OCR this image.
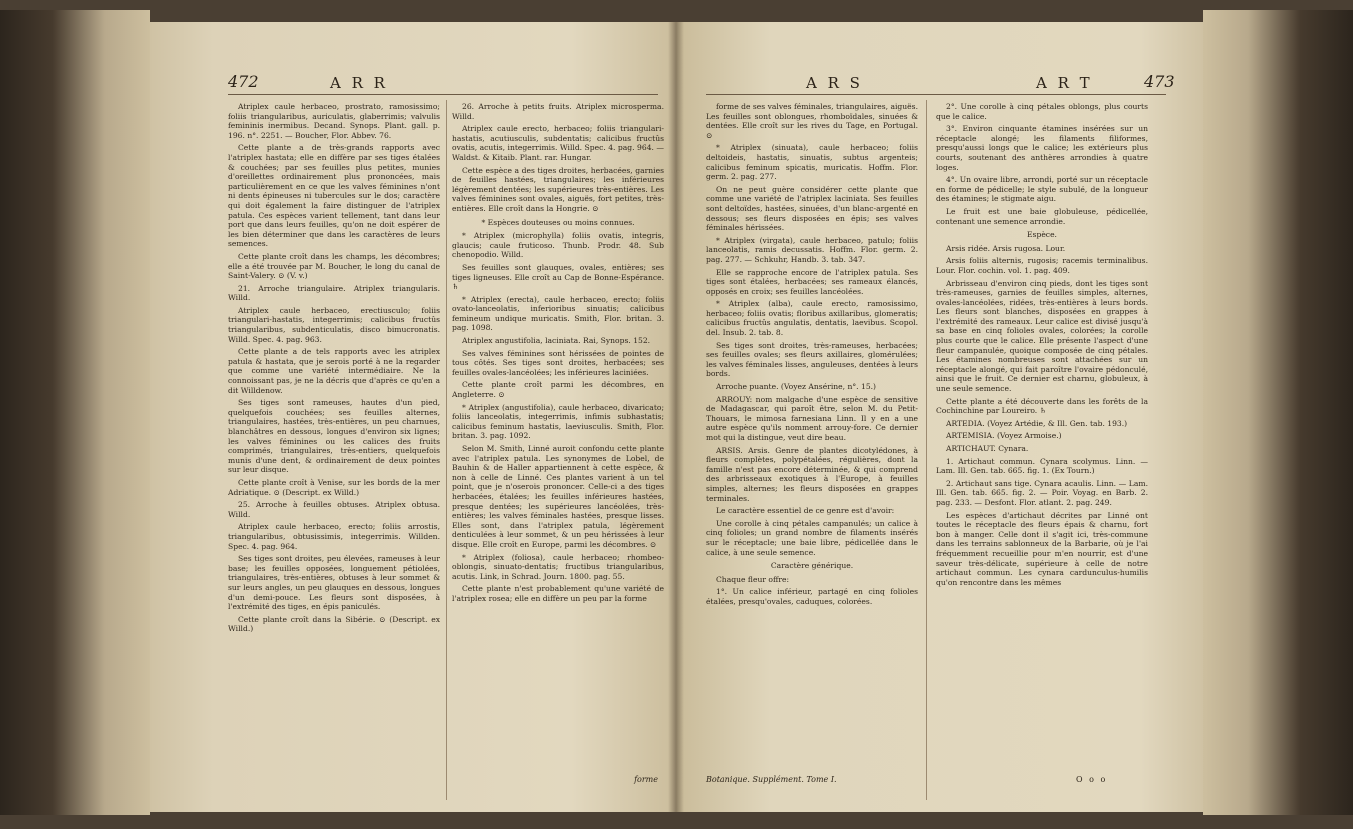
472	A R R

Atriplex caule herbaceo, prostrato, ramosissimo; foliis triangularibus, auriculatis, glaberrimis; valvulis femininis inermibus. Decand. Synops. Plant. gall. p. 196. n°. 2251. — Boucher, Flor. Abbev. 76.

Cette plante a de très-grands rapports avec l'atriplex hastata; elle en diffère par ses tiges étalées & couchées; par ses feuilles plus petites, munies d'oreillettes ordinairement plus prononcées, mais particulièrement en ce que les valves féminines n'ont ni dents épineuses ni tubercules sur le dos; caractère qui doit également la faire distinguer de l'atriplex patula. Ces espèces varient tellement, tant dans leur port que dans leurs feuilles, qu'on ne doit espérer de les bien déterminer que dans les caractères de leurs semences.

Cette plante croît dans les champs, les décombres; elle a été trouvée par M. Boucher, le long du canal de Saint-Valery. ⊙ (V. v.)

21. Arroche triangulaire. Atriplex triangularis. Willd.

Atriplex caule herbaceo, erectiusculo; foliis triangulari-hastatis, integerrimis; calicibus fructûs triangularibus, subdenticulatis, disco bimucronatis. Willd. Spec. 4. pag. 963.

Cette plante a de tels rapports avec les atriplex patula & hastata, que je serois porté à ne la regarder que comme une variété intermédiaire. Ne la connoissant pas, je ne la décris que d'après ce qu'en a dit Willdenow.

Ses tiges sont rameuses, hautes d'un pied, quelquefois couchées; ses feuilles alternes, triangulaires, hastées, très-entières, un peu charnues, blanchâtres en dessous, longues d'environ six lignes; les valves féminines ou les calices des fruits comprimés, triangulaires, très-entiers, quelquefois munis d'une dent, & ordinairement de deux pointes sur leur disque.

Cette plante croît à Venise, sur les bords de la mer Adriatique. ⊙ (Descript. ex Willd.)

25. Arroche à feuilles obtuses. Atriplex obtusa. Willd.

Atriplex caule herbaceo, erecto; foliis arrostis, triangularibus, obtusissimis, integerrimis. Willden. Spec. 4. pag. 964.

Ses tiges sont droites, peu élevées, rameuses à leur base; les feuilles opposées, longuement pétiolées, triangulaires, très-entières, obtuses à leur sommet & sur leurs angles, un peu glauques en dessous, longues d'un demi-pouce. Les fleurs sont disposées, à l'extrémité des tiges, en épis paniculés.

Cette plante croît dans la Sibérie. ⊙ (Descript. ex Willd.)

26. Arroche à petits fruits. Atriplex microsperma. Willd.

Atriplex caule erecto, herbaceo; foliis triangulari-hastatis, acutiusculis, subdentatis; calicibus fructûs ovatis, acutis, integerrimis. Willd. Spec. 4. pag. 964. — Waldst. & Kitaib. Plant. rar. Hungar.

Cette espèce a des tiges droites, herbacées, garnies de feuilles hastées, triangulaires; les inférieures légèrement dentées; les supérieures très-entières. Les valves féminines sont ovales, aiguës, fort petites, très-entières. Elle croît dans la Hongrie. ⊙

* Espèces douteuses ou moins connues.

* Atriplex (microphylla) foliis ovatis, integris, glaucis; caule fruticoso. Thunb. Prodr. 48. Sub chenopodio. Willd.

Ses feuilles sont glauques, ovales, entières; ses tiges ligneuses. Elle croît au Cap de Bonne-Espérance. ♄

* Atriplex (erecta), caule herbaceo, erecto; foliis ovato-lanceolatis, inferioribus sinuatis; calicibus femineum undique muricatis. Smith, Flor. britan. 3. pag. 1098.

Atriplex angustifolia, laciniata. Rai, Synops. 152.

Ses valves féminines sont hérissées de pointes de tous côtés. Ses tiges sont droites, herbacées; ses feuilles ovales-lancéolées; les inférieures laciniées.

Cette plante croît parmi les décombres, en Angleterre. ⊙

* Atriplex (angustifolia), caule herbaceo, divaricato; foliis lanceolatis, integerrimis, infimis subhastatis; calicibus feminum hastatis, laeviusculis. Smith, Flor. britan. 3. pag. 1092.

Selon M. Smith, Linné auroit confondu cette plante avec l'atriplex patula. Les synonymes de Lobel, de Bauhin & de Haller appartiennent à cette espèce, & non à celle de Linné. Ces plantes varient à un tel point, que je n'oserois prononcer. Celle-ci a des tiges herbacées, étalées; les feuilles inférieures hastées, presque dentées; les supérieures lancéolées, très-entières; les valves féminales hastées, presque lisses. Elles sont, dans l'atriplex patula, légèrement denticulées à leur sommet, & un peu hérissées à leur disque. Elle croît en Europe, parmi les décombres. ⊙

* Atriplex (foliosa), caule herbaceo; rhombeo-oblongis, sinuato-dentatis; fructibus triangularibus, acutis. Link, in Schrad. Journ. 1800. pag. 55.

Cette plante n'est probablement qu'une variété de l'atriplex rosea; elle en diffère un peu par la forme

forme
A R S	A R T	473

forme de ses valves féminales, triangulaires, aiguës. Les feuilles sont oblongues, rhomboïdales, sinuées & dentées. Elle croît sur les rives du Tage, en Portugal. ⊙

* Atriplex (sinuata), caule herbaceo; foliis deltoideis, hastatis, sinuatis, subtus argenteis; calicibus feminum spicatis, muricatis. Hoffm. Flor. germ. 2. pag. 277.

On ne peut guère considérer cette plante que comme une variété de l'atriplex laciniata. Ses feuilles sont deltoïdes, hastées, sinuées, d'un blanc-argenté en dessous; ses fleurs disposées en épis; ses valves féminales hérissées.

* Atriplex (virgata), caule herbaceo, patulo; foliis lanceolatis, ramis decussatis. Hoffm. Flor. germ. 2. pag. 277. — Schkuhr, Handb. 3. tab. 347.

Elle se rapproche encore de l'atriplex patula. Ses tiges sont étalées, herbacées; ses rameaux élancés, opposés en croix; ses feuilles lancéolées.

* Atriplex (alba), caule erecto, ramosissimo, herbaceo; foliis ovatis; floribus axillaribus, glomeratis; calicibus fructûs angulatis, dentatis, laevibus. Scopol. del. Insub. 2. tab. 8.

Ses tiges sont droites, très-rameuses, herbacées; ses feuilles ovales; ses fleurs axillaires, glomérulées; les valves féminales lisses, anguleuses, dentées à leurs bords.

Arroche puante. (Voyez Ansérine, n°. 15.)

ARROUY: nom malgache d'une espèce de sensitive de Madagascar, qui paroît être, selon M. du Petit-Thouars, le mimosa farnesiana Linn. Il y en a une autre espèce qu'ils nomment arrouy-fore. Ce dernier mot qui la distingue, veut dire beau.

ARSIS. Arsis. Genre de plantes dicotylédones, à fleurs complètes, polypétalées, régulières, dont la famille n'est pas encore déterminée, & qui comprend des arbrisseaux exotiques à l'Europe, à feuilles simples, alternes; les fleurs disposées en grappes terminales.

Le caractère essentiel de ce genre est d'avoir:

Une corolle à cinq pétales campanulés; un calice à cinq folioles; un grand nombre de filaments insérés sur le réceptacle; une baie libre, pédicellée dans le calice, à une seule semence.

Caractère générique.

Chaque fleur offre:

1°. Un calice inférieur, partagé en cinq folioles étalées, presqu'ovales, caduques, colorées.

2°. Une corolle à cinq pétales oblongs, plus courts que le calice.

3°. Environ cinquante étamines insérées sur un réceptacle alongé; les filaments filiformes, presqu'aussi longs que le calice; les extérieurs plus courts, soutenant des anthères arrondies à quatre loges.

4°. Un ovaire libre, arrondi, porté sur un réceptacle en forme de pédicelle; le style subulé, de la longueur des étamines; le stigmate aigu.

Le fruit est une baie globuleuse, pédicellée, contenant une semence arrondie.

Espèce.

Arsis ridée. Arsis rugosa. Lour.

Arsis foliis alternis, rugosis; racemis terminalibus. Lour. Flor. cochin. vol. 1. pag. 409.

Arbrisseau d'environ cinq pieds, dont les tiges sont très-rameuses, garnies de feuilles simples, alternes, ovales-lancéolées, ridées, très-entières à leurs bords. Les fleurs sont blanches, disposées en grappes à l'extrémité des rameaux. Leur calice est divisé jusqu'à sa base en cinq folioles ovales, colorées; la corolle plus courte que le calice. Elle présente l'aspect d'une fleur campanulée, quoique composée de cinq pétales. Les étamines nombreuses sont attachées sur un réceptacle alongé, qui fait paroître l'ovaire pédonculé, ainsi que le fruit. Ce dernier est charnu, globuleux, à une seule semence.

Cette plante a été découverte dans les forêts de la Cochinchine par Loureiro. ♄

ARTEDIA. (Voyez Artédie, & Ill. Gen. tab. 193.)

ARTEMISIA. (Voyez Armoise.)

ARTICHAUT. Cynara.

1. Artichaut commun. Cynara scolymus. Linn. — Lam. Ill. Gen. tab. 665. fig. 1. (Ex Tourn.)

2. Artichaut sans tige. Cynara acaulis. Linn. — Lam. Ill. Gen. tab. 665. fig. 2. — Poir. Voyag. en Barb. 2. pag. 233. — Desfont. Flor. atlant. 2. pag. 249.

Les espèces d'artichaut décrites par Linné ont toutes le réceptacle des fleurs épais & charnu, fort bon à manger. Celle dont il s'agit ici, très-commune dans les terrains sablonneux de la Barbarie, où je l'ai fréquemment recueillie pour m'en nourrir, est d'une saveur très-délicate, supérieure à celle de notre artichaut commun. Les cynara cardunculus-humilis qu'on rencontre dans les mêmes

Botanique. Supplément. Tome I.	O o o
